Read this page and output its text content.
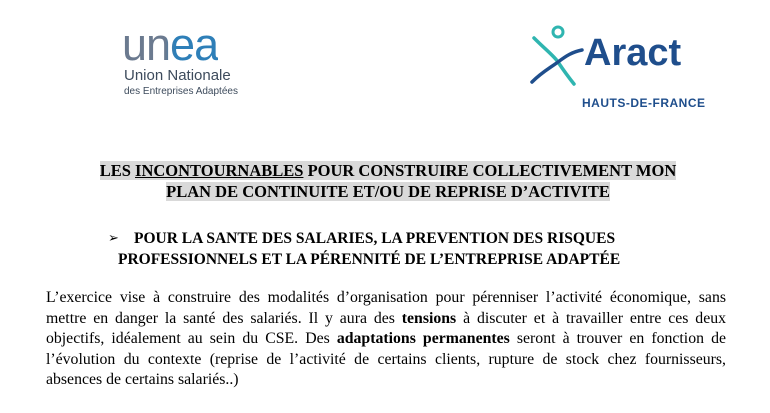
unea
Union Nationale
des Entreprises Adaptées
Aract
HAUTS-DE-FRANCE
LES INCONTOURNABLES POUR CONSTRUIRE COLLECTIVEMENT MON
PLAN DE CONTINUITE ET/OU DE REPRISE D’ACTIVITE
➢ POUR LA SANTE DES SALARIES, LA PREVENTION DES RISQUES
PROFESSIONNELS ET LA PÉRENNITÉ DE L’ENTREPRISE ADAPTÉE
L’exercice vise à construire des modalités d’organisation pour pérenniser l’activité économique, sans mettre en danger la santé des salariés. Il y aura des tensions à discuter et à travailler entre ces deux objectifs, idéalement au sein du CSE. Des adaptations permanentes seront à trouver en fonction de l’évolution du contexte (reprise de l’activité de certains clients, rupture de stock chez fournisseurs, absences de certains salariés..)
